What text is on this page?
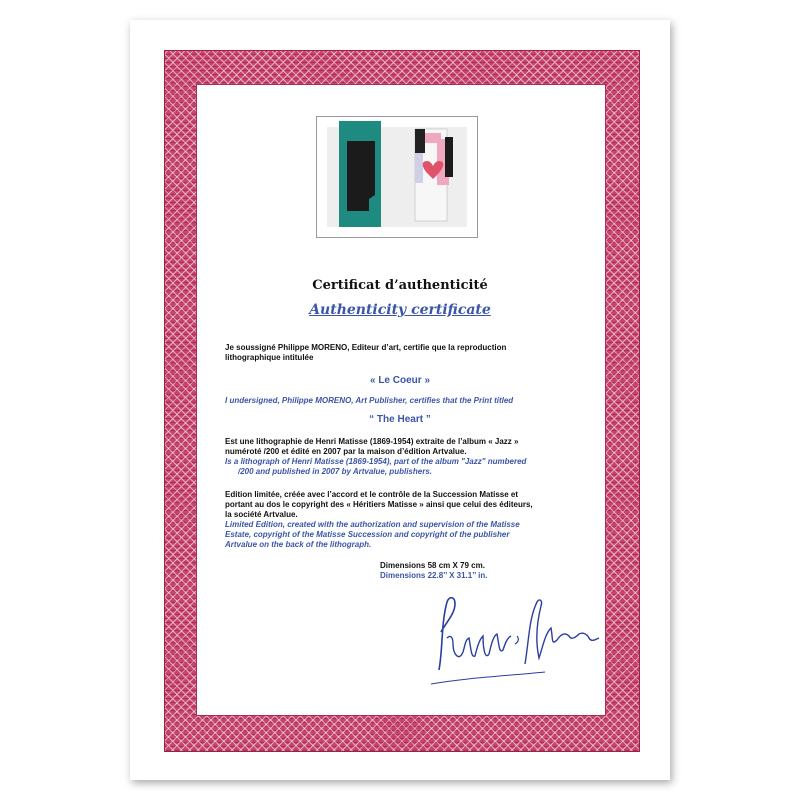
Certificat d’authenticité
Authenticity certificate
Je soussigné Philippe MORENO, Editeur d’art, certifie que la reproduction
lithographique intitulée
« Le Coeur »
I undersigned, Philippe MORENO, Art Publisher, certifies that the Print titled
“ The Heart ”
Est une lithographie de Henri Matisse (1869-1954) extraite de l’album « Jazz »
numéroté /200 et édité en 2007 par la maison d’édition Artvalue.
Is a lithograph of Henri Matisse (1869-1954), part of the album "Jazz" numbered
/200 and published in 2007 by Artvalue, publishers.
Edition limitée, créée avec l’accord et le contrôle de la Succession Matisse et
portant au dos le copyright des « Héritiers Matisse » ainsi que celui des éditeurs,
la société Artvalue.
Limited Edition, created with the authorization and supervision of the Matisse
Estate, copyright of the Matisse Succession and copyright of the publisher
Artvalue on the back of the lithograph.
Dimensions 58 cm X 79 cm.
Dimensions 22.8’’ X 31.1’’ in.
